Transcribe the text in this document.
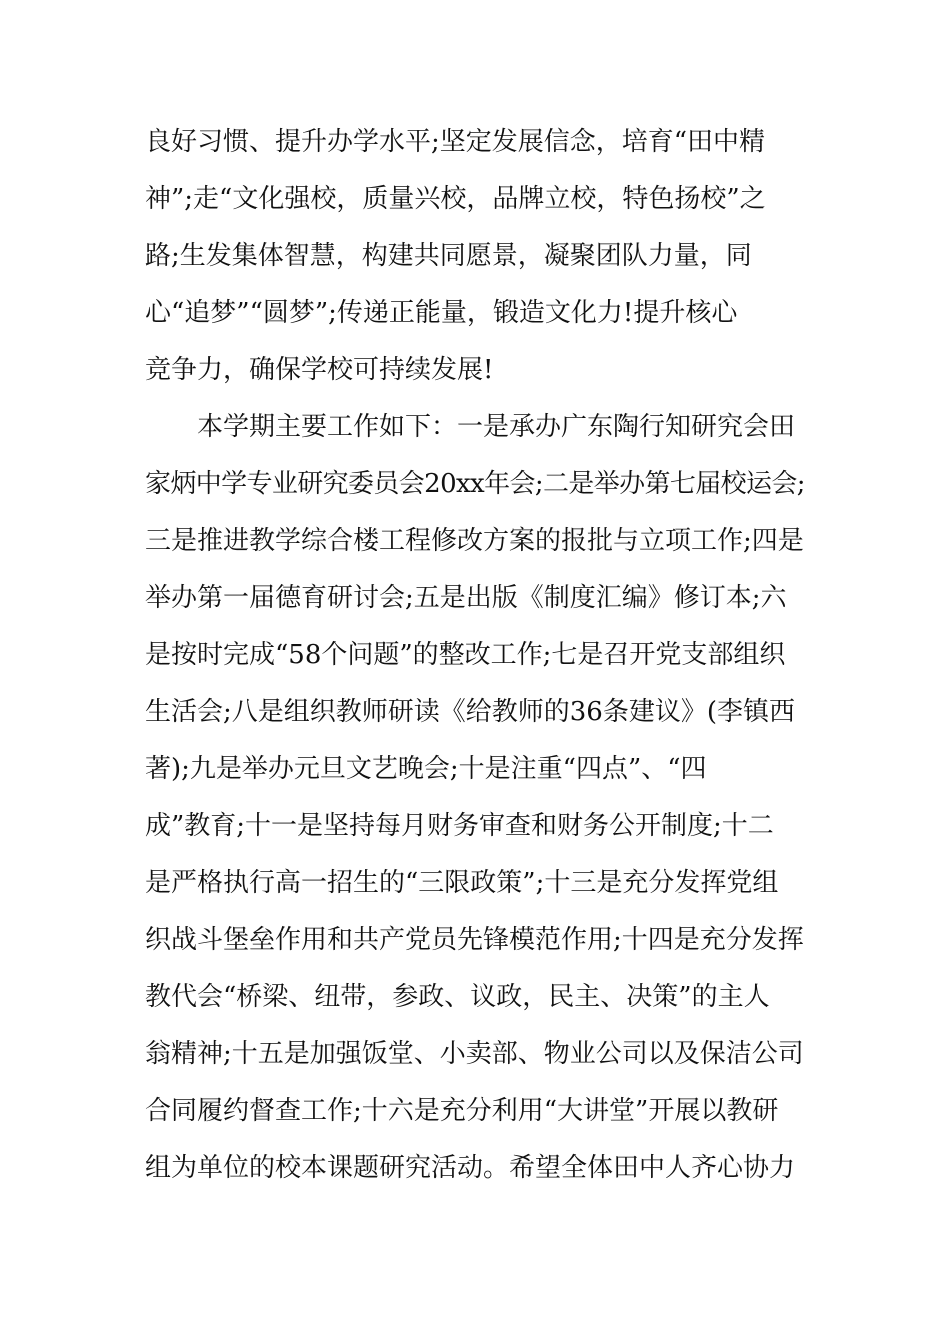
良好习惯、提升办学水平;坚定发展信念，培育“田中精
神”;走“文化强校，质量兴校，品牌立校，特色扬校”之
路;生发集体智慧，构建共同愿景，凝聚团队力量，同
心“追梦”“圆梦”;传递正能量，锻造文化力!提升核心
竞争力，确保学校可持续发展!
本学期主要工作如下：一是承办广东陶行知研究会田
家炳中学专业研究委员会20xx年会;二是举办第七届校运会;
三是推进教学综合楼工程修改方案的报批与立项工作;四是
举办第一届德育研讨会;五是出版《制度汇编》修订本;六
是按时完成“58个问题”的整改工作;七是召开党支部组织
生活会;八是组织教师研读《给教师的36条建议》(李镇西
著);九是举办元旦文艺晚会;十是注重“四点”、“四
成”教育;十一是坚持每月财务审查和财务公开制度;十二
是严格执行高一招生的“三限政策”;十三是充分发挥党组
织战斗堡垒作用和共产党员先锋模范作用;十四是充分发挥
教代会“桥梁、纽带，参政、议政，民主、决策”的主人
翁精神;十五是加强饭堂、小卖部、物业公司以及保洁公司
合同履约督查工作;十六是充分利用“大讲堂”开展以教研
组为单位的校本课题研究活动。希望全体田中人齐心协力
